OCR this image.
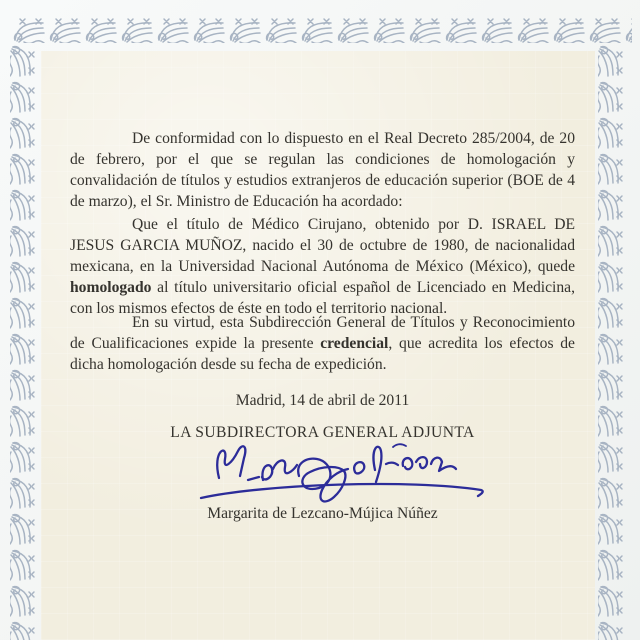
De conformidad con lo dispuesto en el Real Decreto 285/2004, de 20 de febrero, por el que se regulan las condiciones de homologación y convalidación de títulos y estudios extranjeros de educación superior (BOE de 4 de marzo), el Sr. Ministro de Educación ha acordado:

Que el título de Médico Cirujano, obtenido por D. ISRAEL DE JESUS GARCIA MUÑOZ, nacido el 30 de octubre de 1980, de nacionalidad mexicana, en la Universidad Nacional Autónoma de México (México), quede homologado al título universitario oficial español de Licenciado en Medicina, con los mismos efectos de éste en todo el territorio nacional.

En su virtud, esta Subdirección General de Títulos y Reconocimiento de Cualificaciones expide la presente credencial, que acredita los efectos de dicha homologación desde su fecha de expedición.

Madrid, 14 de abril de 2011
LA SUBDIRECTORA GENERAL ADJUNTA
Margarita de Lezcano-Mújica Núñez
